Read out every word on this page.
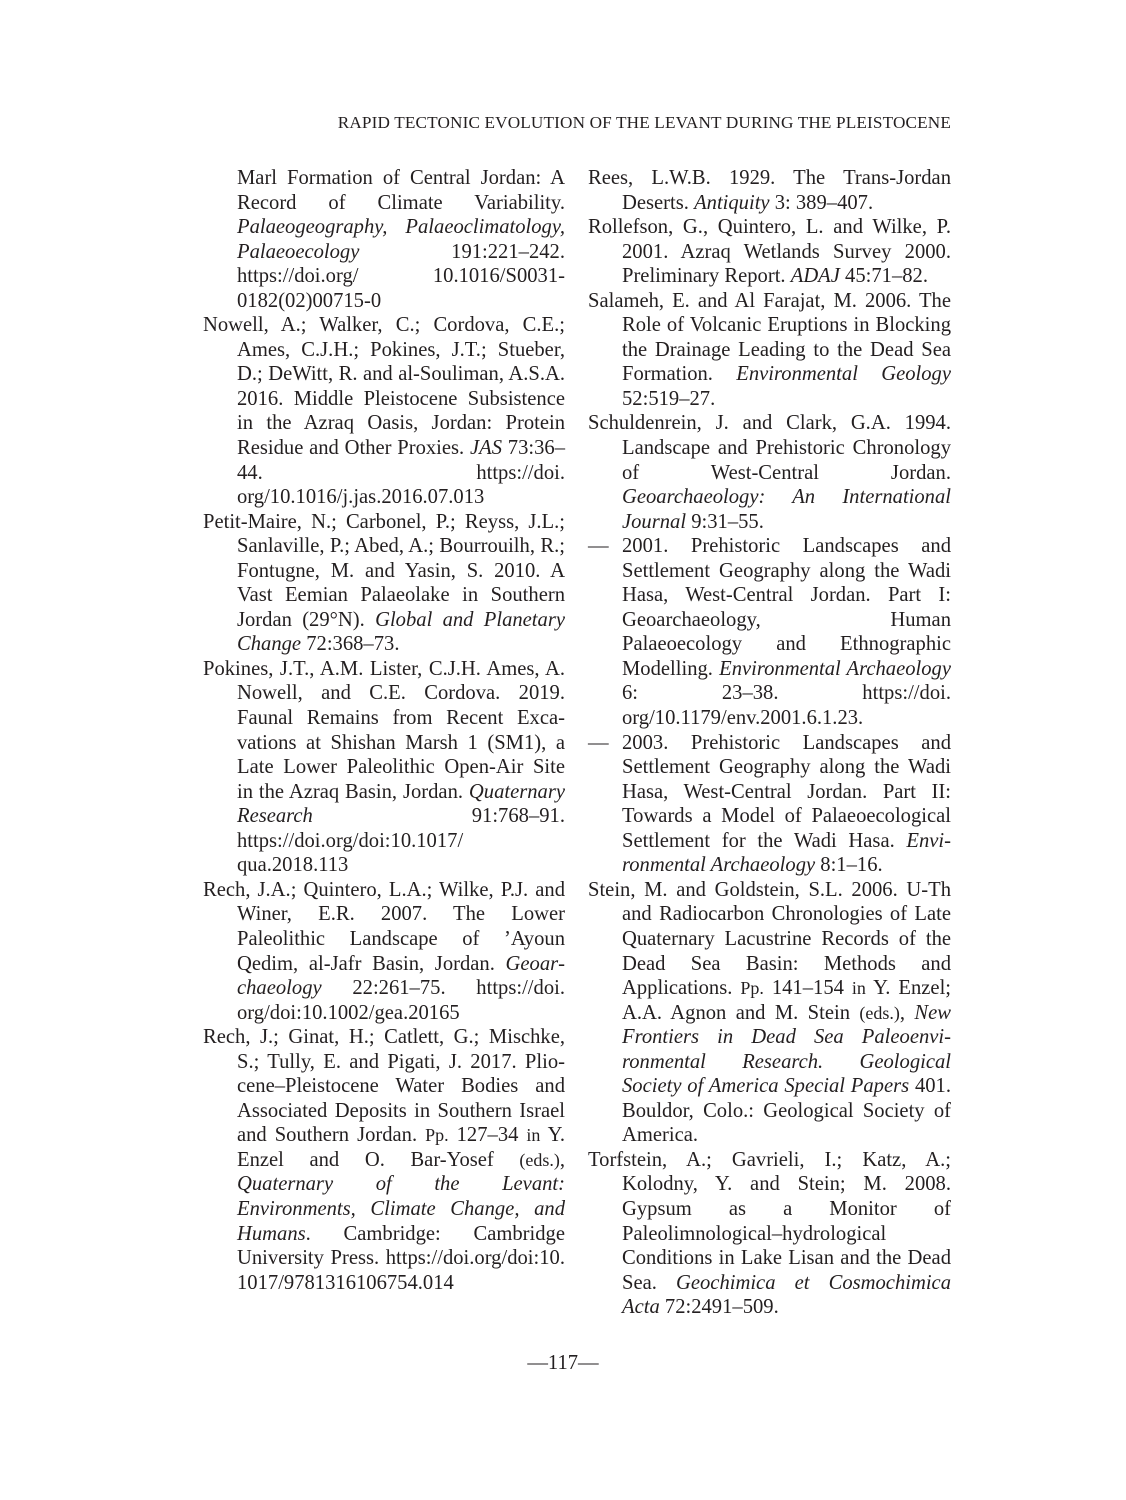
RAPID TECTONIC EVOLUTION OF THE LEVANT DURING THE PLEISTOCENE

Marl Formation of Central Jordan: A Record of Climate Variability. Palaeogeography, Palaeoclimatology, Palaeoecology 191:221–242. https://doi.org/​ 10.1016/S0031-​0182(02)00715-0

Nowell, A.; Walker, C.; Cordova, C.E.; Ames, C.J.H.; Pokines, J.T.; Stueber, D.; DeWitt, R. and al-Souliman, A.S.A. 2016. Middle Pleistocene Subsistence in the Azraq Oasis, Jordan: Protein Residue and Other Proxies. JAS 73:36–44. https://doi.​org/10.1016/j.jas.2016.07.013

Petit-Maire, N.; Carbonel, P.; Reyss, J.L.; Sanlaville, P.; Abed, A.; Bourrouilh, R.; Fontugne, M. and Yasin, S. 2010. A Vast Eemian Palaeolake in Southern Jordan (29°N). Global and Planetary Change 72:368–73.

Pokines, J.T., A.M. Lister, C.J.H. Ames, A. Nowell, and C.E. Cordova. 2019. Faunal Remains from Recent Excavations at Shishan Marsh 1 (SM1), a Late Lower Paleolithic Open-Air Site in the Azraq Basin, Jordan. Quaternary Research 91:768–​91. https://doi.org/doi:10.1017/​qua.2018.113

Rech, J.A.; Quintero, L.A.; Wilke, P.J. and Winer, E.R. 2007. The Lower Paleolithic Landscape of ’Ayoun Qedim, al-Jafr Basin, Jordan. Geoarchaeology 22:261–75. https://doi.​org/doi:10.1002/gea.20165

Rech, J.; Ginat, H.; Catlett, G.; Mischke, S.; Tully, E. and Pigati, J. 2017. Pliocene–Pleistocene Water Bodies and Associated Deposits in Southern Israel and Southern Jordan. Pp. 127–34 in Y. Enzel and O. Bar-Yosef (eds.), Quaternary of the Levant: Environments, Climate Change, and Humans. Cambridge: Cambridge University Press. https://doi.org/​doi:10. 1017/9781316106754.014

Rees, L.W.B. 1929. The Trans-Jordan Deserts. Antiquity 3: 389–407.

Rollefson, G., Quintero, L. and Wilke, P. 2001. Azraq Wetlands Survey 2000. Preliminary Report. ADAJ 45:71–​82.

Salameh, E. and Al Farajat, M. 2006. The Role of Volcanic Eruptions in Blocking the Drainage Leading to the Dead Sea Formation. Environmental Geology 52:519–27.

Schuldenrein, J. and Clark, G.A. 1994. Landscape and Prehistoric Chronology of West-Central Jordan. Geoarchaeology: An International Journal 9:31–55.

— 2001. Prehistoric Landscapes and Settlement Geography along the Wadi Hasa, West-Central Jordan. Part I: Geoarchaeology, Human Palaeoecology and Ethnographic Modelling. Environmental Archaeology 6: 23–38. https://doi.​org/10.1179/env.2001.6.1.23.

— 2003. Prehistoric Landscapes and Settlement Geography along the Wadi Hasa, West-Central Jordan. Part II: Towards a Model of Palaeoecological Settlement for the Wadi Hasa. Environmental Archaeology 8:1–16.

Stein, M. and Goldstein, S.L. 2006. U-Th and Radiocarbon Chronologies of Late Quaternary Lacustrine Records of the Dead Sea Basin: Methods and Applications. Pp. 141–154 in Y. Enzel; A.A. Agnon and M. Stein (eds.), New Frontiers in Dead Sea Paleoenvironmental Research. Geological Society of America Special Papers 401. Bouldor, Colo.: Geological Society of America.

Torfstein, A.; Gavrieli, I.; Katz, A.; Kolodny, Y. and Stein; M. 2008. Gypsum as a Monitor of Paleolimnological–hydrological Conditions in Lake Lisan and the Dead Sea. Geochimica et Cosmochimica Acta 72:2491–509.

—117—
